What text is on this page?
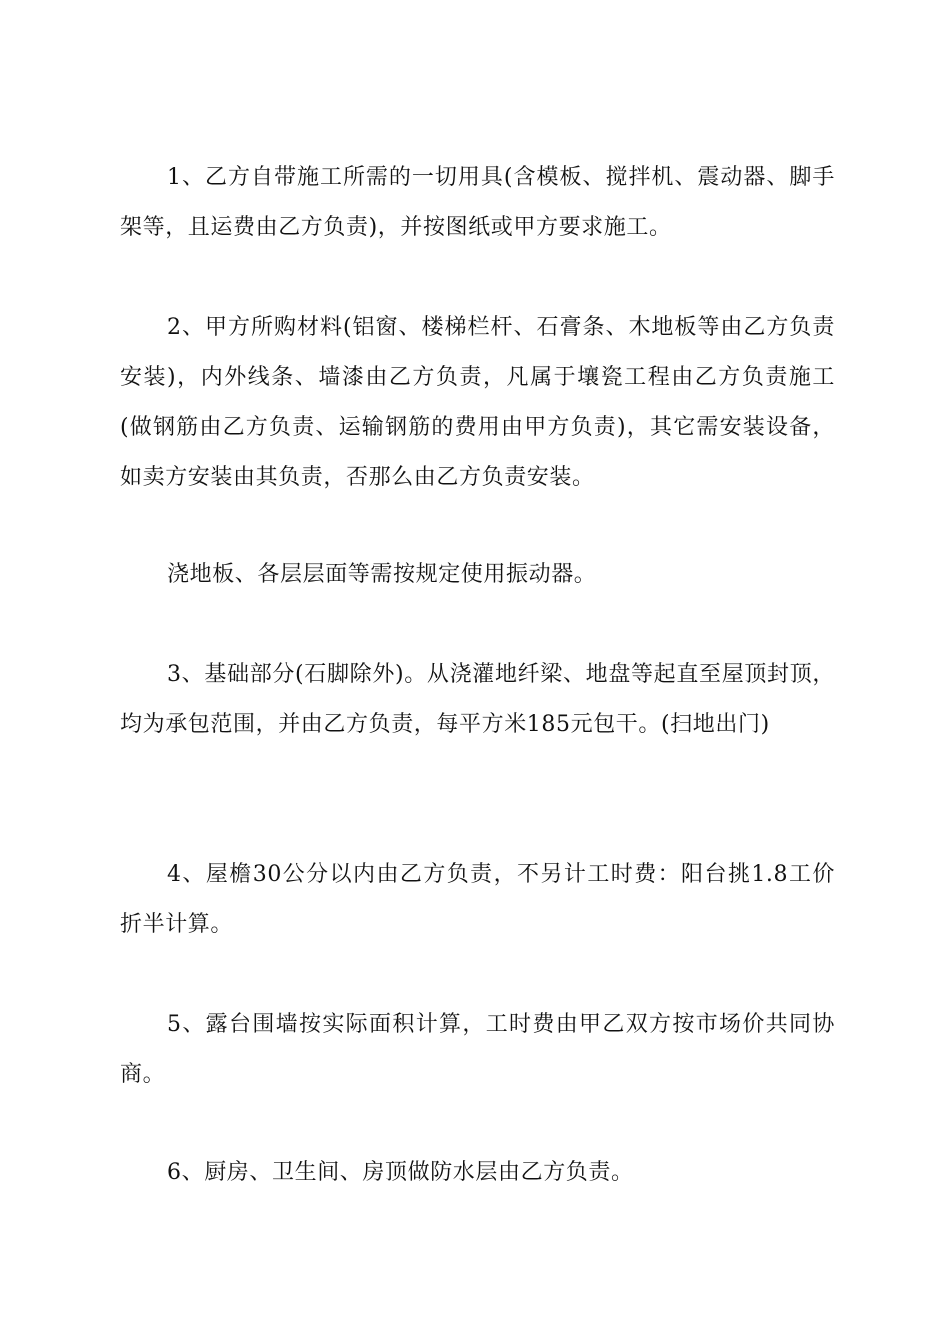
1、乙方自带施工所需的一切用具(含模板、搅拌机、震动器、脚手架等，且运费由乙方负责)，并按图纸或甲方要求施工。

2、甲方所购材料(铝窗、楼梯栏杆、石膏条、木地板等由乙方负责安装)，内外线条、墙漆由乙方负责，凡属于壤瓷工程由乙方负责施工(做钢筋由乙方负责、运输钢筋的费用由甲方负责)，其它需安装设备，如卖方安装由其负责，否那么由乙方负责安装。

浇地板、各层层面等需按规定使用振动器。

3、基础部分(石脚除外)。从浇灌地纤梁、地盘等起直至屋顶封顶，均为承包范围，并由乙方负责，每平方米185元包干。(扫地出门)

4、屋檐30公分以内由乙方负责，不另计工时费：阳台挑1.8工价折半计算。

5、露台围墙按实际面积计算，工时费由甲乙双方按市场价共同协商。

6、厨房、卫生间、房顶做防水层由乙方负责。
